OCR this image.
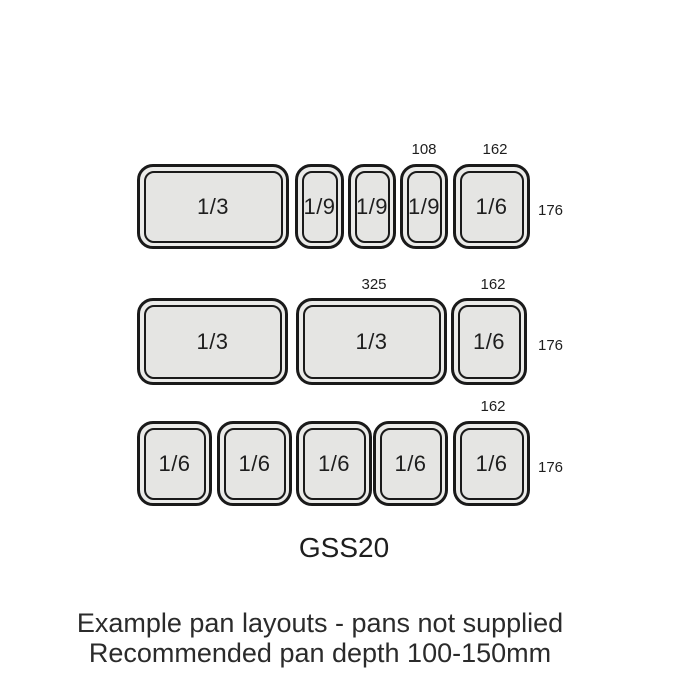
108	162
176
1/3	1/9 1/9 1/9 1/6
325	162
176
1/3	1/3	1/6
162
176
1/6 1/6 1/6 1/6 1/6
GSS20
Example pan layouts - pans not supplied
Recommended pan depth 100-150mm
